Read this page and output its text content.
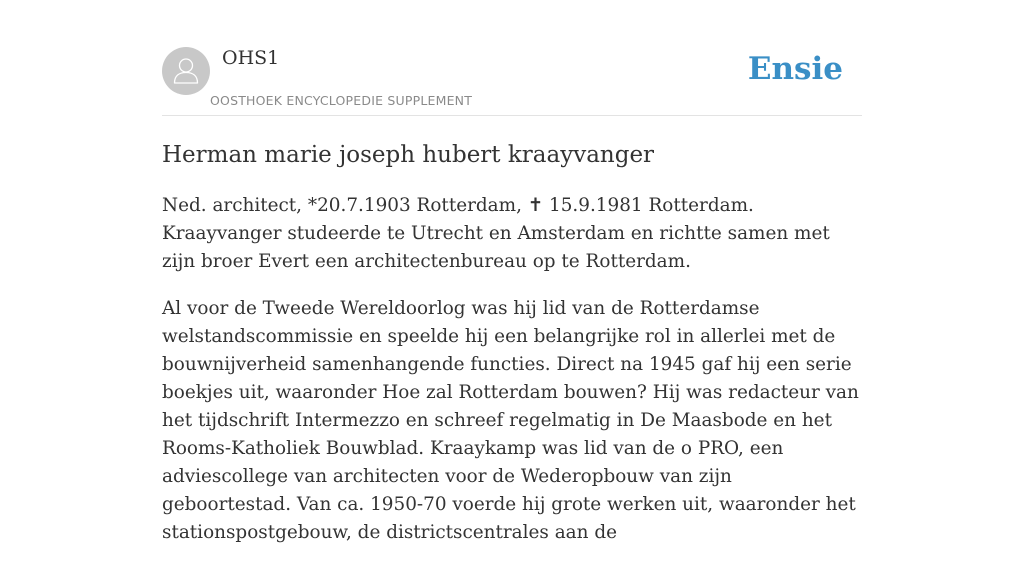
OHS1
OOSTHOEK ENCYCLOPEDIE SUPPLEMENT
Ensie
Herman marie joseph hubert kraayvanger

Ned. architect, *20.7.1903 Rotterdam, ✝ 15.9.1981 Rotterdam. Kraayvanger studeerde te Utrecht en Amsterdam en richtte samen met zijn broer Evert een architectenbureau op te Rotterdam.

Al voor de Tweede Wereldoorlog was hij lid van de Rotterdamse welstandscommissie en speelde hij een belangrijke rol in allerlei met de bouwnijverheid samenhangende functies. Direct na 1945 gaf hij een serie boekjes uit, waaronder Hoe zal Rotterdam bouwen? Hij was redacteur van het tijdschrift Intermezzo en schreef regelmatig in De Maasbode en het Rooms-Katholiek Bouwblad. Kraaykamp was lid van de o PRO, een adviescollege van architecten voor de Wederopbouw van zijn geboortestad. Van ca. 1950-70 voerde hij grote werken uit, waaronder het stationspostgebouw, de districtscentrales aan de
